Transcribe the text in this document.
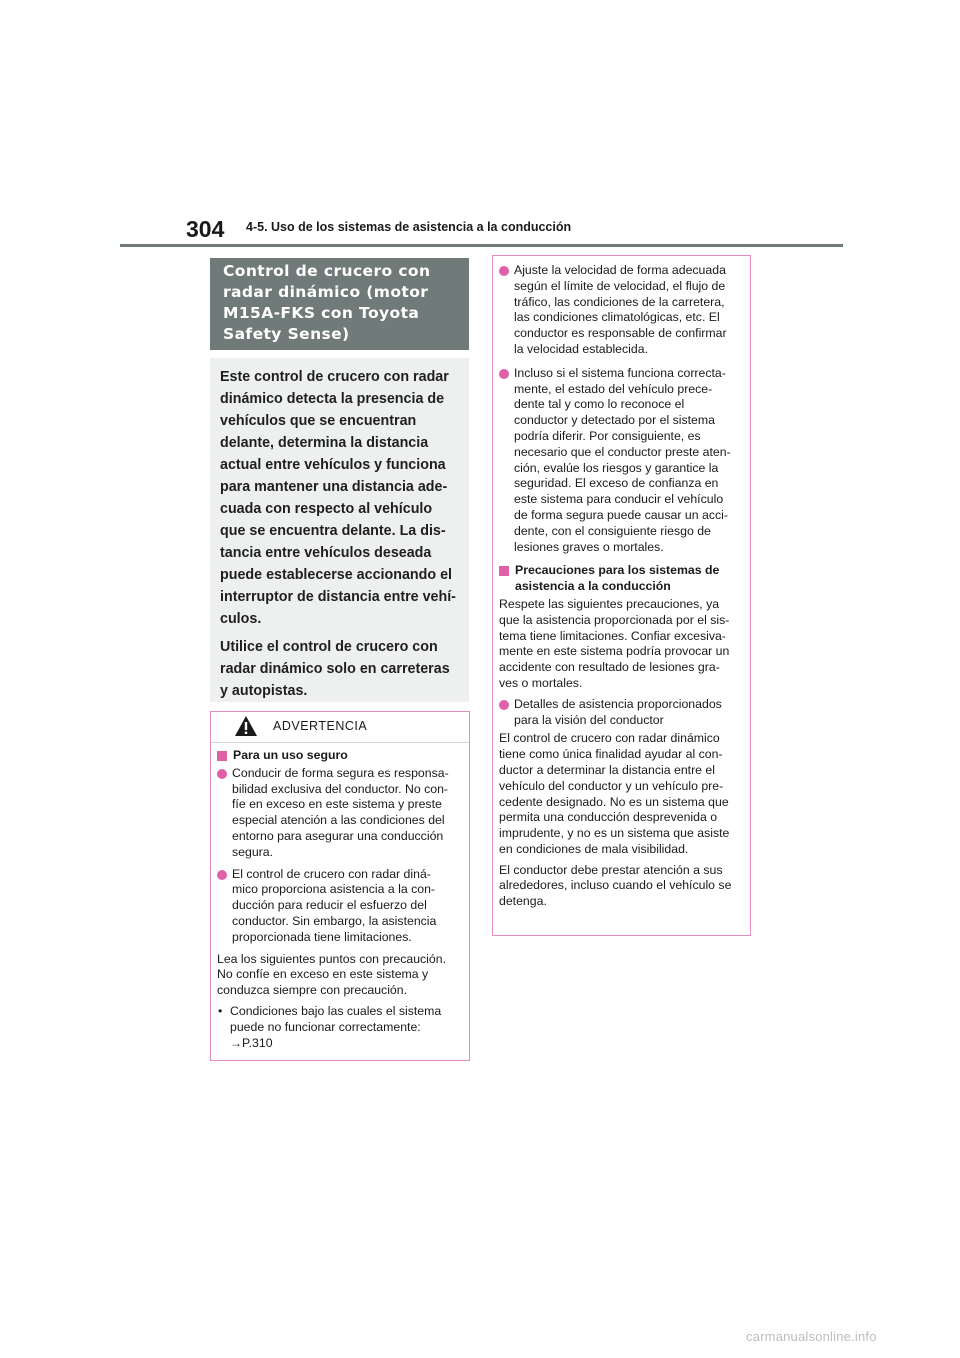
304 4-5. Uso de los sistemas de asistencia a la conducción
Control de crucero con
radar dinámico (motor
M15A-FKS con Toyota
Safety Sense)

Este control de crucero con radar
dinámico detecta la presencia de
vehículos que se encuentran
delante, determina la distancia
actual entre vehículos y funciona
para mantener una distancia ade-
cuada con respecto al vehículo
que se encuentra delante. La dis-
tancia entre vehículos deseada
puede establecerse accionando el
interruptor de distancia entre vehí-
culos.

Utilice el control de crucero con
radar dinámico solo en carreteras
y autopistas.

ADVERTENCIA
Para un uso seguro
Conducir de forma segura es responsa-
bilidad exclusiva del conductor. No con-
fíe en exceso en este sistema y preste
especial atención a las condiciones del
entorno para asegurar una conducción
segura.
El control de crucero con radar diná-
mico proporciona asistencia a la con-
ducción para reducir el esfuerzo del
conductor. Sin embargo, la asistencia
proporcionada tiene limitaciones.
Lea los siguientes puntos con precaución.
No confíe en exceso en este sistema y
conduzca siempre con precaución.
• Condiciones bajo las cuales el sistema
puede no funcionar correctamente:
→P.310
Ajuste la velocidad de forma adecuada
según el límite de velocidad, el flujo de
tráfico, las condiciones de la carretera,
las condiciones climatológicas, etc. El
conductor es responsable de confirmar
la velocidad establecida.
Incluso si el sistema funciona correcta-
mente, el estado del vehículo prece-
dente tal y como lo reconoce el
conductor y detectado por el sistema
podría diferir. Por consiguiente, es
necesario que el conductor preste aten-
ción, evalúe los riesgos y garantice la
seguridad. El exceso de confianza en
este sistema para conducir el vehículo
de forma segura puede causar un acci-
dente, con el consiguiente riesgo de
lesiones graves o mortales.
Precauciones para los sistemas de
asistencia a la conducción
Respete las siguientes precauciones, ya
que la asistencia proporcionada por el sis-
tema tiene limitaciones. Confiar excesiva-
mente en este sistema podría provocar un
accidente con resultado de lesiones gra-
ves o mortales.
Detalles de asistencia proporcionados
para la visión del conductor
El control de crucero con radar dinámico
tiene como única finalidad ayudar al con-
ductor a determinar la distancia entre el
vehículo del conductor y un vehículo pre-
cedente designado. No es un sistema que
permita una conducción desprevenida o
imprudente, y no es un sistema que asiste
en condiciones de mala visibilidad.
El conductor debe prestar atención a sus
alrededores, incluso cuando el vehículo se
detenga.
carmanualsonline.info
